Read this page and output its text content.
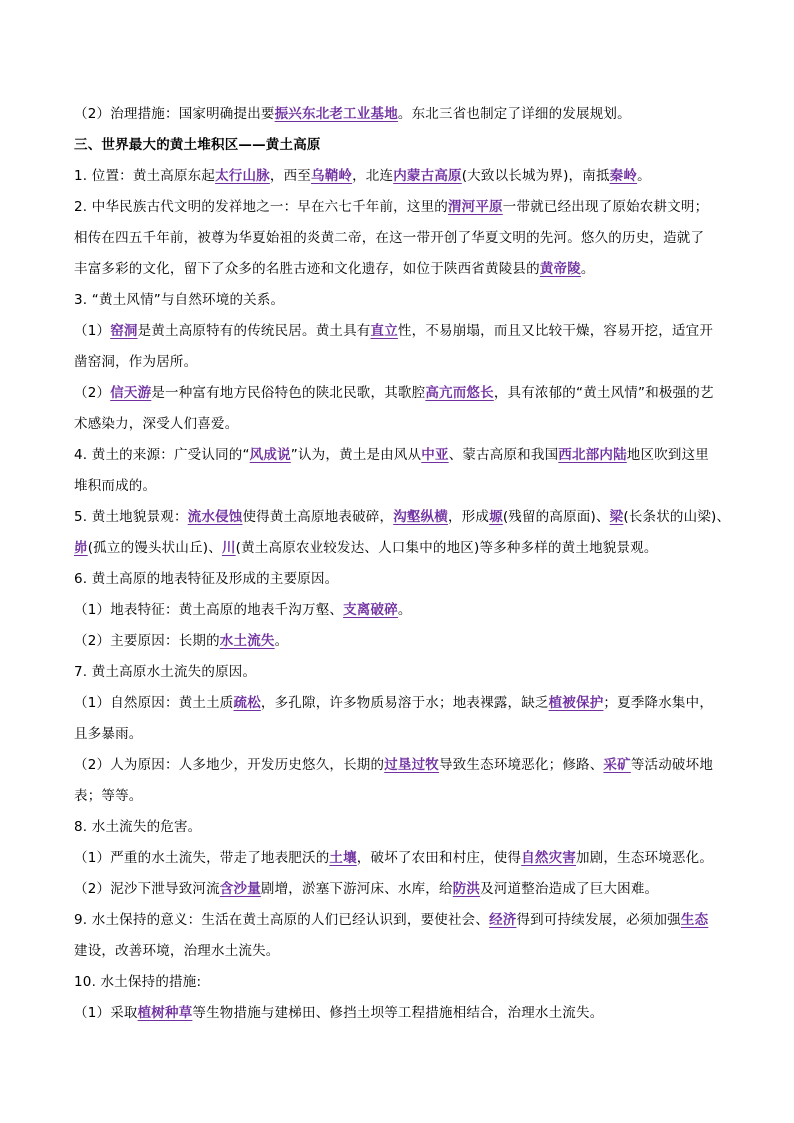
（2）治理措施：国家明确提出要振兴东北老工业基地。东北三省也制定了详细的发展规划。
三、世界最大的黄土堆积区——黄土高原
1. 位置：黄土高原东起太行山脉，西至乌鞘岭，北连内蒙古高原(大致以长城为界)，南抵秦岭。
2. 中华民族古代文明的发祥地之一：早在六七千年前，这里的渭河平原一带就已经出现了原始农耕文明；
相传在四五千年前，被尊为华夏始祖的炎黄二帝，在这一带开创了华夏文明的先河。悠久的历史，造就了
丰富多彩的文化，留下了众多的名胜古迹和文化遗存，如位于陕西省黄陵县的黄帝陵。
3. “黄土风情”与自然环境的关系。
（1）窑洞是黄土高原特有的传统民居。黄土具有直立性，不易崩塌，而且又比较干燥，容易开挖，适宜开
凿窑洞，作为居所。
（2）信天游是一种富有地方民俗特色的陕北民歌，其歌腔高亢而悠长，具有浓郁的“黄土风情”和极强的艺
术感染力，深受人们喜爱。
4. 黄土的来源：广受认同的“风成说”认为，黄土是由风从中亚、蒙古高原和我国西北部内陆地区吹到这里
堆积而成的。
5. 黄土地貌景观：流水侵蚀使得黄土高原地表破碎，沟壑纵横，形成塬(残留的高原面)、梁(长条状的山梁)、
峁(孤立的馒头状山丘)、川(黄土高原农业较发达、人口集中的地区)等多种多样的黄土地貌景观。
6. 黄土高原的地表特征及形成的主要原因。
（1）地表特征：黄土高原的地表千沟万壑、支离破碎。
（2）主要原因：长期的水土流失。
7. 黄土高原水土流失的原因。
（1）自然原因：黄土土质疏松，多孔隙，许多物质易溶于水；地表裸露，缺乏植被保护；夏季降水集中，
且多暴雨。
（2）人为原因：人多地少，开发历史悠久，长期的过垦过牧导致生态环境恶化；修路、采矿等活动破坏地
表；等等。
8. 水土流失的危害。
（1）严重的水土流失，带走了地表肥沃的土壤，破坏了农田和村庄，使得自然灾害加剧，生态环境恶化。
（2）泥沙下泄导致河流含沙量剧增，淤塞下游河床、水库，给防洪及河道整治造成了巨大困难。
9. 水土保持的意义：生活在黄土高原的人们已经认识到，要使社会、经济得到可持续发展，必须加强生态
建设，改善环境，治理水土流失。
10. 水土保持的措施:
（1）采取植树种草等生物措施与建梯田、修挡土坝等工程措施相结合，治理水土流失。
